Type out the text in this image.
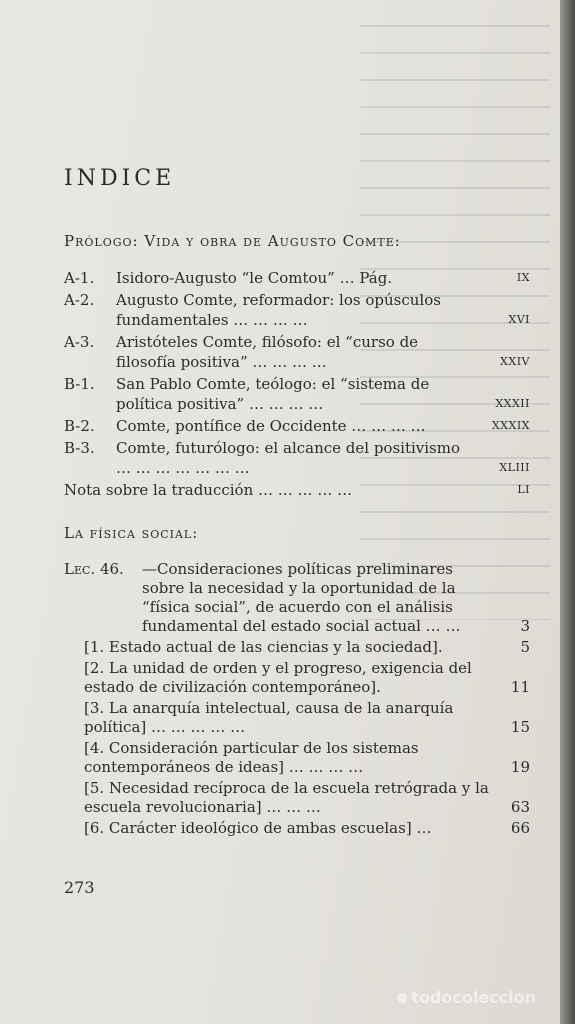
INDICE
Prólogo: Vida y obra de Augusto Comte:
A-1.	Isidoro-Augusto “le Comtou” … Pág.	IX
A-2.	Augusto Comte, reformador: los opúsculos fundamentales … … … …	XVI
A-3.	Aristóteles Comte, filósofo: el “curso de filosofía positiva” … … … …	XXIV
B-1.	San Pablo Comte, teólogo: el “sistema de política positiva” … … … …	XXXII
B-2.	Comte, pontífice de Occidente … … … …	XXXIX
B-3.	Comte, futurólogo: el alcance del positivismo … … … … … … …	XLIII
Nota sobre la traducción … … … … …	LI
La física social:
Lec. 46.	—Consideraciones políticas preliminares sobre la necesidad y la oportunidad de la “física social”, de acuerdo con el análisis fundamental del estado social actual … …	3
[1. Estado actual de las ciencias y la sociedad].	5
[2. La unidad de orden y el progreso, exigencia del estado de civilización contemporáneo].	11
[3. La anarquía intelectual, causa de la anarquía política] … … … … …	15
[4. Consideración particular de los sistemas contemporáneos de ideas] … … … …	19
[5. Necesidad recíproca de la escuela retrógrada y la escuela revolucionaria] … … …	63
[6. Carácter ideológico de ambas escuelas] …	66
273
todocoleccion
